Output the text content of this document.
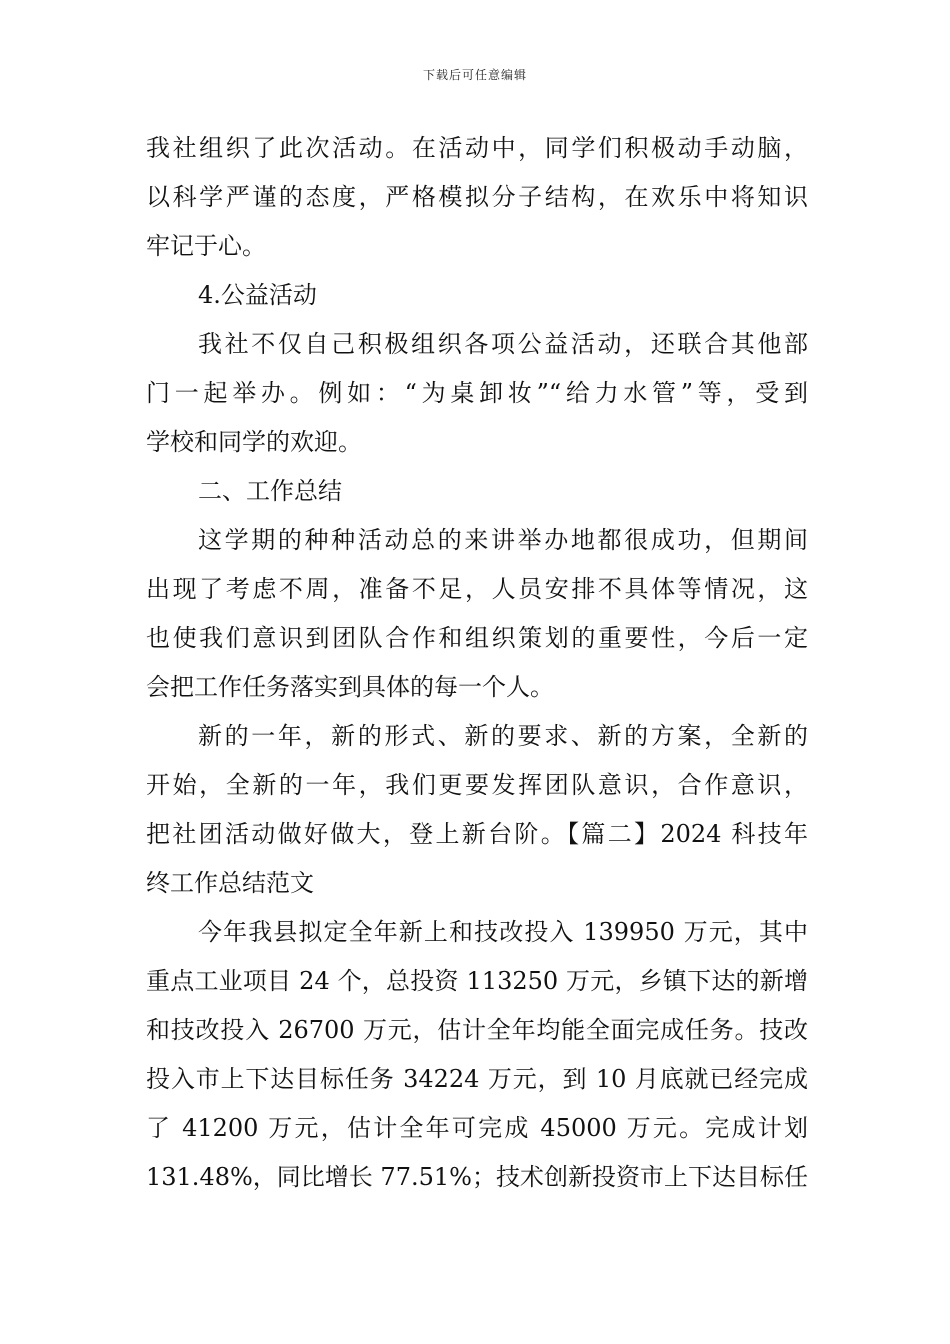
下载后可任意编辑
我社组织了此次活动。在活动中，同学们积极动手动脑，
以科学严谨的态度，严格模拟分子结构，在欢乐中将知识
牢记于心。
4.公益活动
我社不仅自己积极组织各项公益活动，还联合其他部
门一起举办。例如：“为桌卸妆”“给力水管”等，受到
学校和同学的欢迎。
二、工作总结
这学期的种种活动总的来讲举办地都很成功，但期间
出现了考虑不周，准备不足，人员安排不具体等情况，这
也使我们意识到团队合作和组织策划的重要性，今后一定
会把工作任务落实到具体的每一个人。
新的一年，新的形式、新的要求、新的方案，全新的
开始，全新的一年，我们更要发挥团队意识，合作意识，
把社团活动做好做大，登上新台阶。【篇二】2024 科技年
终工作总结范文
今年我县拟定全年新上和技改投入 139950 万元，其中
重点工业项目 24 个，总投资 113250 万元，乡镇下达的新增
和技改投入 26700 万元，估计全年均能全面完成任务。技改
投入市上下达目标任务 34224 万元，到 10 月底就已经完成
了 41200 万元，估计全年可完成 45000 万元。完成计划
131.48%，同比增长 77.51%；技术创新投资市上下达目标任
